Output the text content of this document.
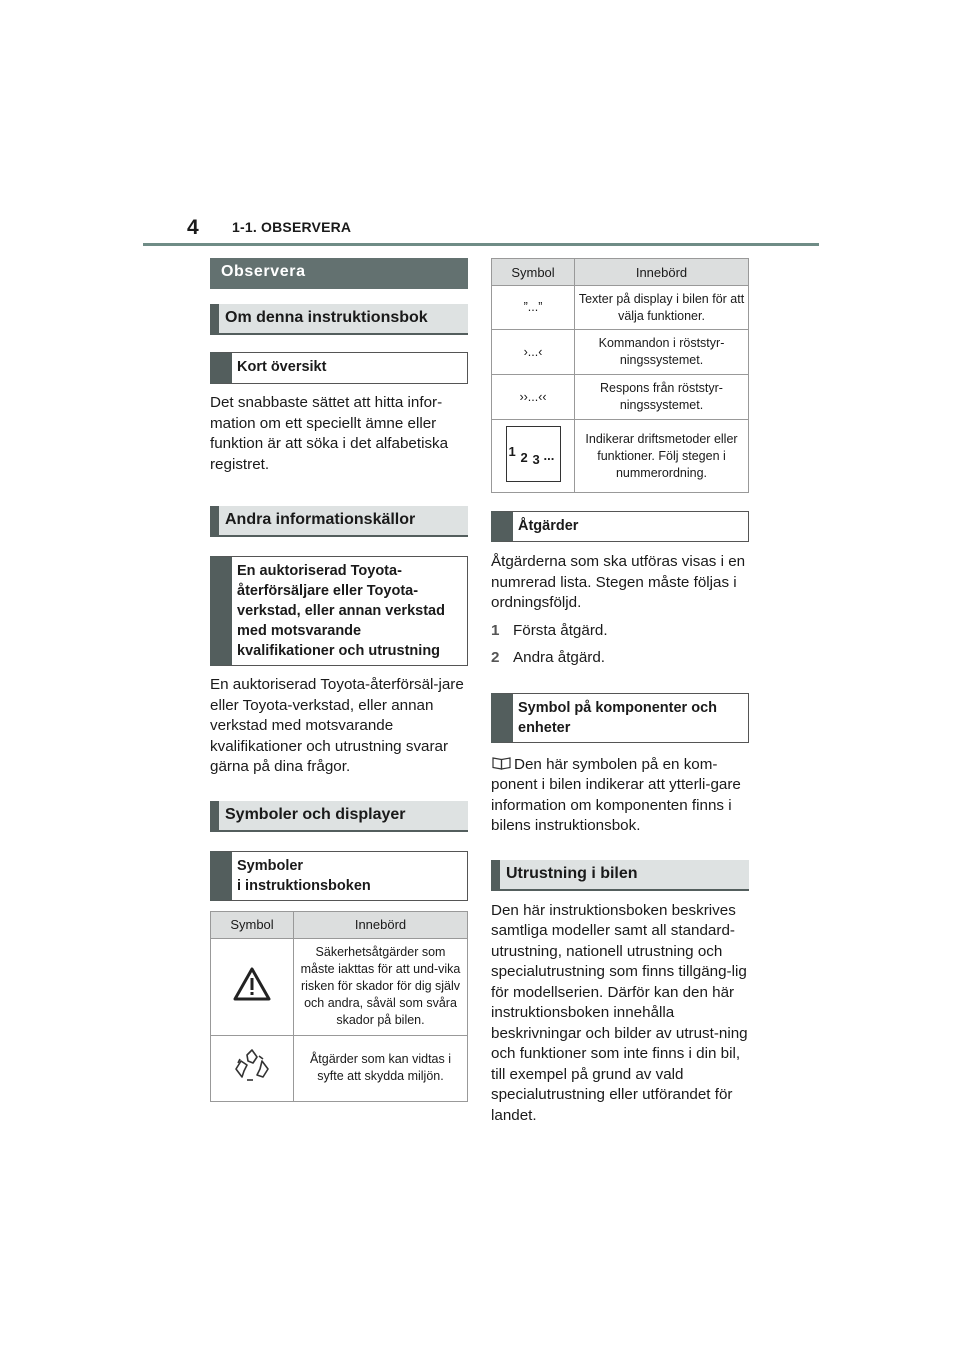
4 1-1. OBSERVERA
Observera
Om denna instruktionsbok
Kort översikt
Det snabbaste sättet att hitta infor-mation om ett speciellt ämne eller funktion är att söka i det alfabetiska registret.
Andra informationskällor
En auktoriserad Toyota-återförsäljare eller Toyota-verkstad, eller annan verkstad med motsvarande kvalifikationer och utrustning
En auktoriserad Toyota-återförsäl-jare eller Toyota-verkstad, eller annan verkstad med motsvarande kvalifikationer och utrustning svarar gärna på dina frågor.
Symboler och displayer
Symboler
i instruktionsboken
Symbol	Innebörd
	Säkerhetsåtgärder som måste iakttas för att und-vika risken för skador för dig själv och andra, såväl som svåra skador på bilen.
	Åtgärder som kan vidtas i syfte att skydda miljön.
Symbol	Innebörd
”...”	Texter på display i bilen för att välja funktioner.
›...‹	Kommandon i röststyr-ningssystemet.
››...‹‹	Respons från röststyr-ningssystemet.

1 2 3 ...	Indikerar driftsmetoder eller funktioner. Följ stegen i nummerordning.
Åtgärder
Åtgärderna som ska utföras visas i en numrerad lista. Stegen måste följas i ordningsföljd.
1 Första åtgärd.
2 Andra åtgärd.
Symbol på komponenter och enheter
Den här symbolen på en kom-ponent i bilen indikerar att ytterli-gare information om komponenten finns i bilens instruktionsbok.
Utrustning i bilen
Den här instruktionsboken beskrives samtliga modeller samt all standard-utrustning, nationell utrustning och specialutrustning som finns tillgäng-lig för modellserien. Därför kan den här instruktionsboken innehålla beskrivningar och bilder av utrust-ning och funktioner som inte finns i din bil, till exempel på grund av vald specialutrustning eller utförandet för landet.
